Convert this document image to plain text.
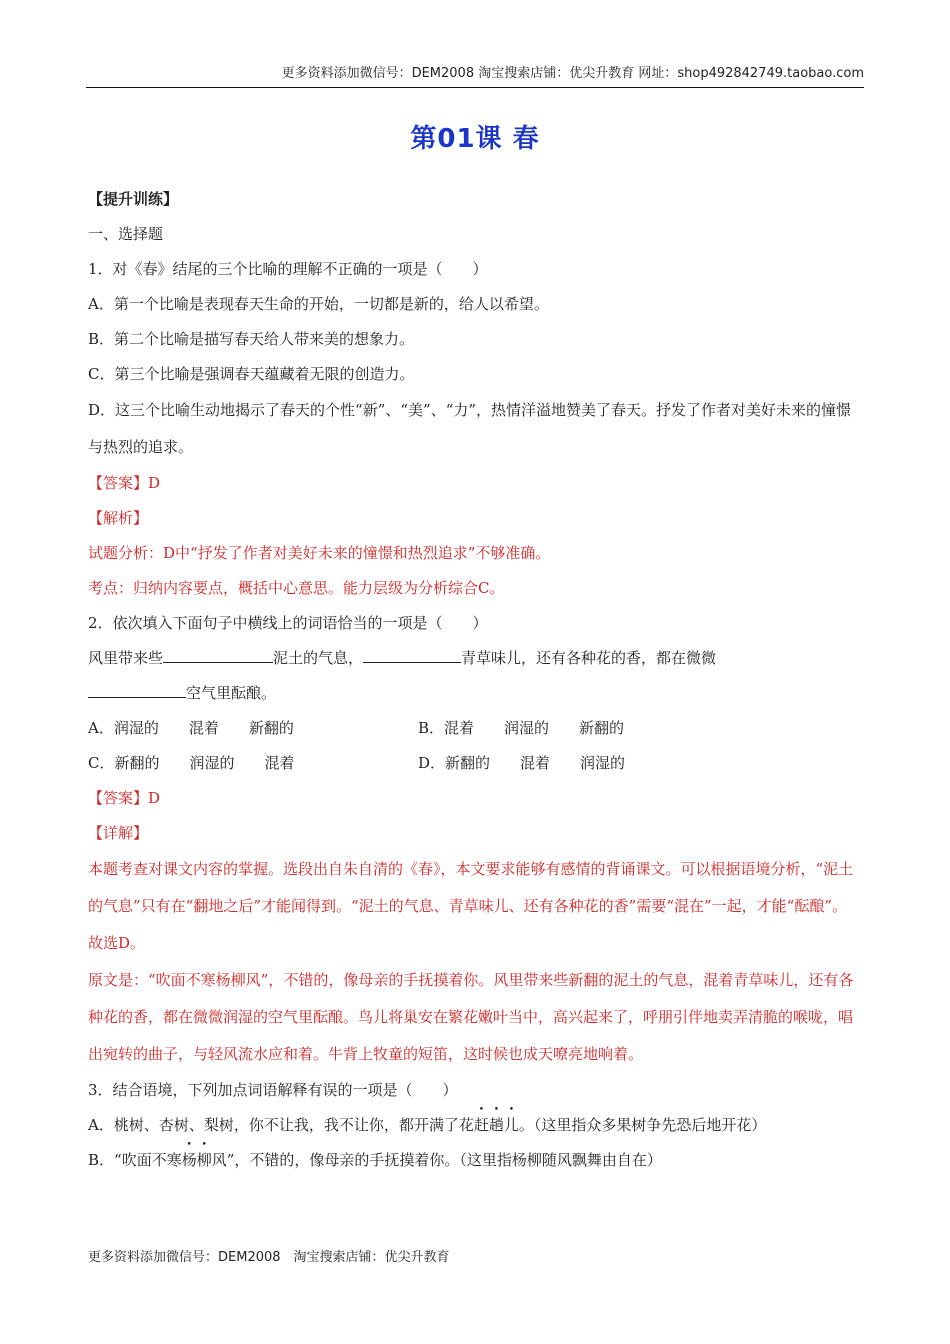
更多资料添加微信号：DEM2008 淘宝搜索店铺：优尖升教育 网址：shop492842749.taobao.com
第01课 春
【提升训练】
一、选择题
1．对《春》结尾的三个比喻的理解不正确的一项是（　　）
A．第一个比喻是表现春天生命的开始，一切都是新的，给人以希望。
B．第二个比喻是描写春天给人带来美的想象力。
C．第三个比喻是强调春天蕴藏着无限的创造力。
D．这三个比喻生动地揭示了春天的个性“新”、“美”、“力”，热情洋溢地赞美了春天。抒发了作者对美好未来的憧憬与热烈的追求。
【答案】D
【解析】
试题分析：D中“抒发了作者对美好未来的憧憬和热烈追求”不够准确。
考点：归纳内容要点，概括中心意思。能力层级为分析综合C。
2．依次填入下面句子中横线上的词语恰当的一项是（　　）
风里带来些	泥土的气息，	青草味儿，还有各种花的香，都在微微
空气里酝酿。
A．润湿的　　混着　　新翻的	B．混着　　润湿的　　新翻的
C．新翻的　　润湿的　　混着	D．新翻的　　混着　　润湿的
【答案】D
【详解】
本题考查对课文内容的掌握。选段出自朱自清的《春》，本文要求能够有感情的背诵课文。可以根据语境分析，“泥土的气息”只有在“翻地之后”才能闻得到。“泥土的气息、青草味儿、还有各种花的香”需要“混在”一起，才能“酝酿”。故选D。
原文是：“吹面不寒杨柳风”，不错的，像母亲的手抚摸着你。风里带来些新翻的泥土的气息，混着青草味儿，还有各种花的香，都在微微润湿的空气里酝酿。鸟儿将巢安在繁花嫩叶当中，高兴起来了，呼朋引伴地卖弄清脆的喉咙，唱出宛转的曲子，与轻风流水应和着。牛背上牧童的短笛，这时候也成天嘹亮地响着。
3．结合语境，下列加点词语解释有误的一项是（　　）
A．桃树、杏树、梨树，你不让我，我不让你，都开满了花赶趟儿。（这里指众多果树争先恐后地开花）
B．“吹面不寒杨柳风”，不错的，像母亲的手抚摸着你。（这里指杨柳随风飘舞由自在）
更多资料添加微信号：DEM2008　淘宝搜索店铺：优尖升教育
